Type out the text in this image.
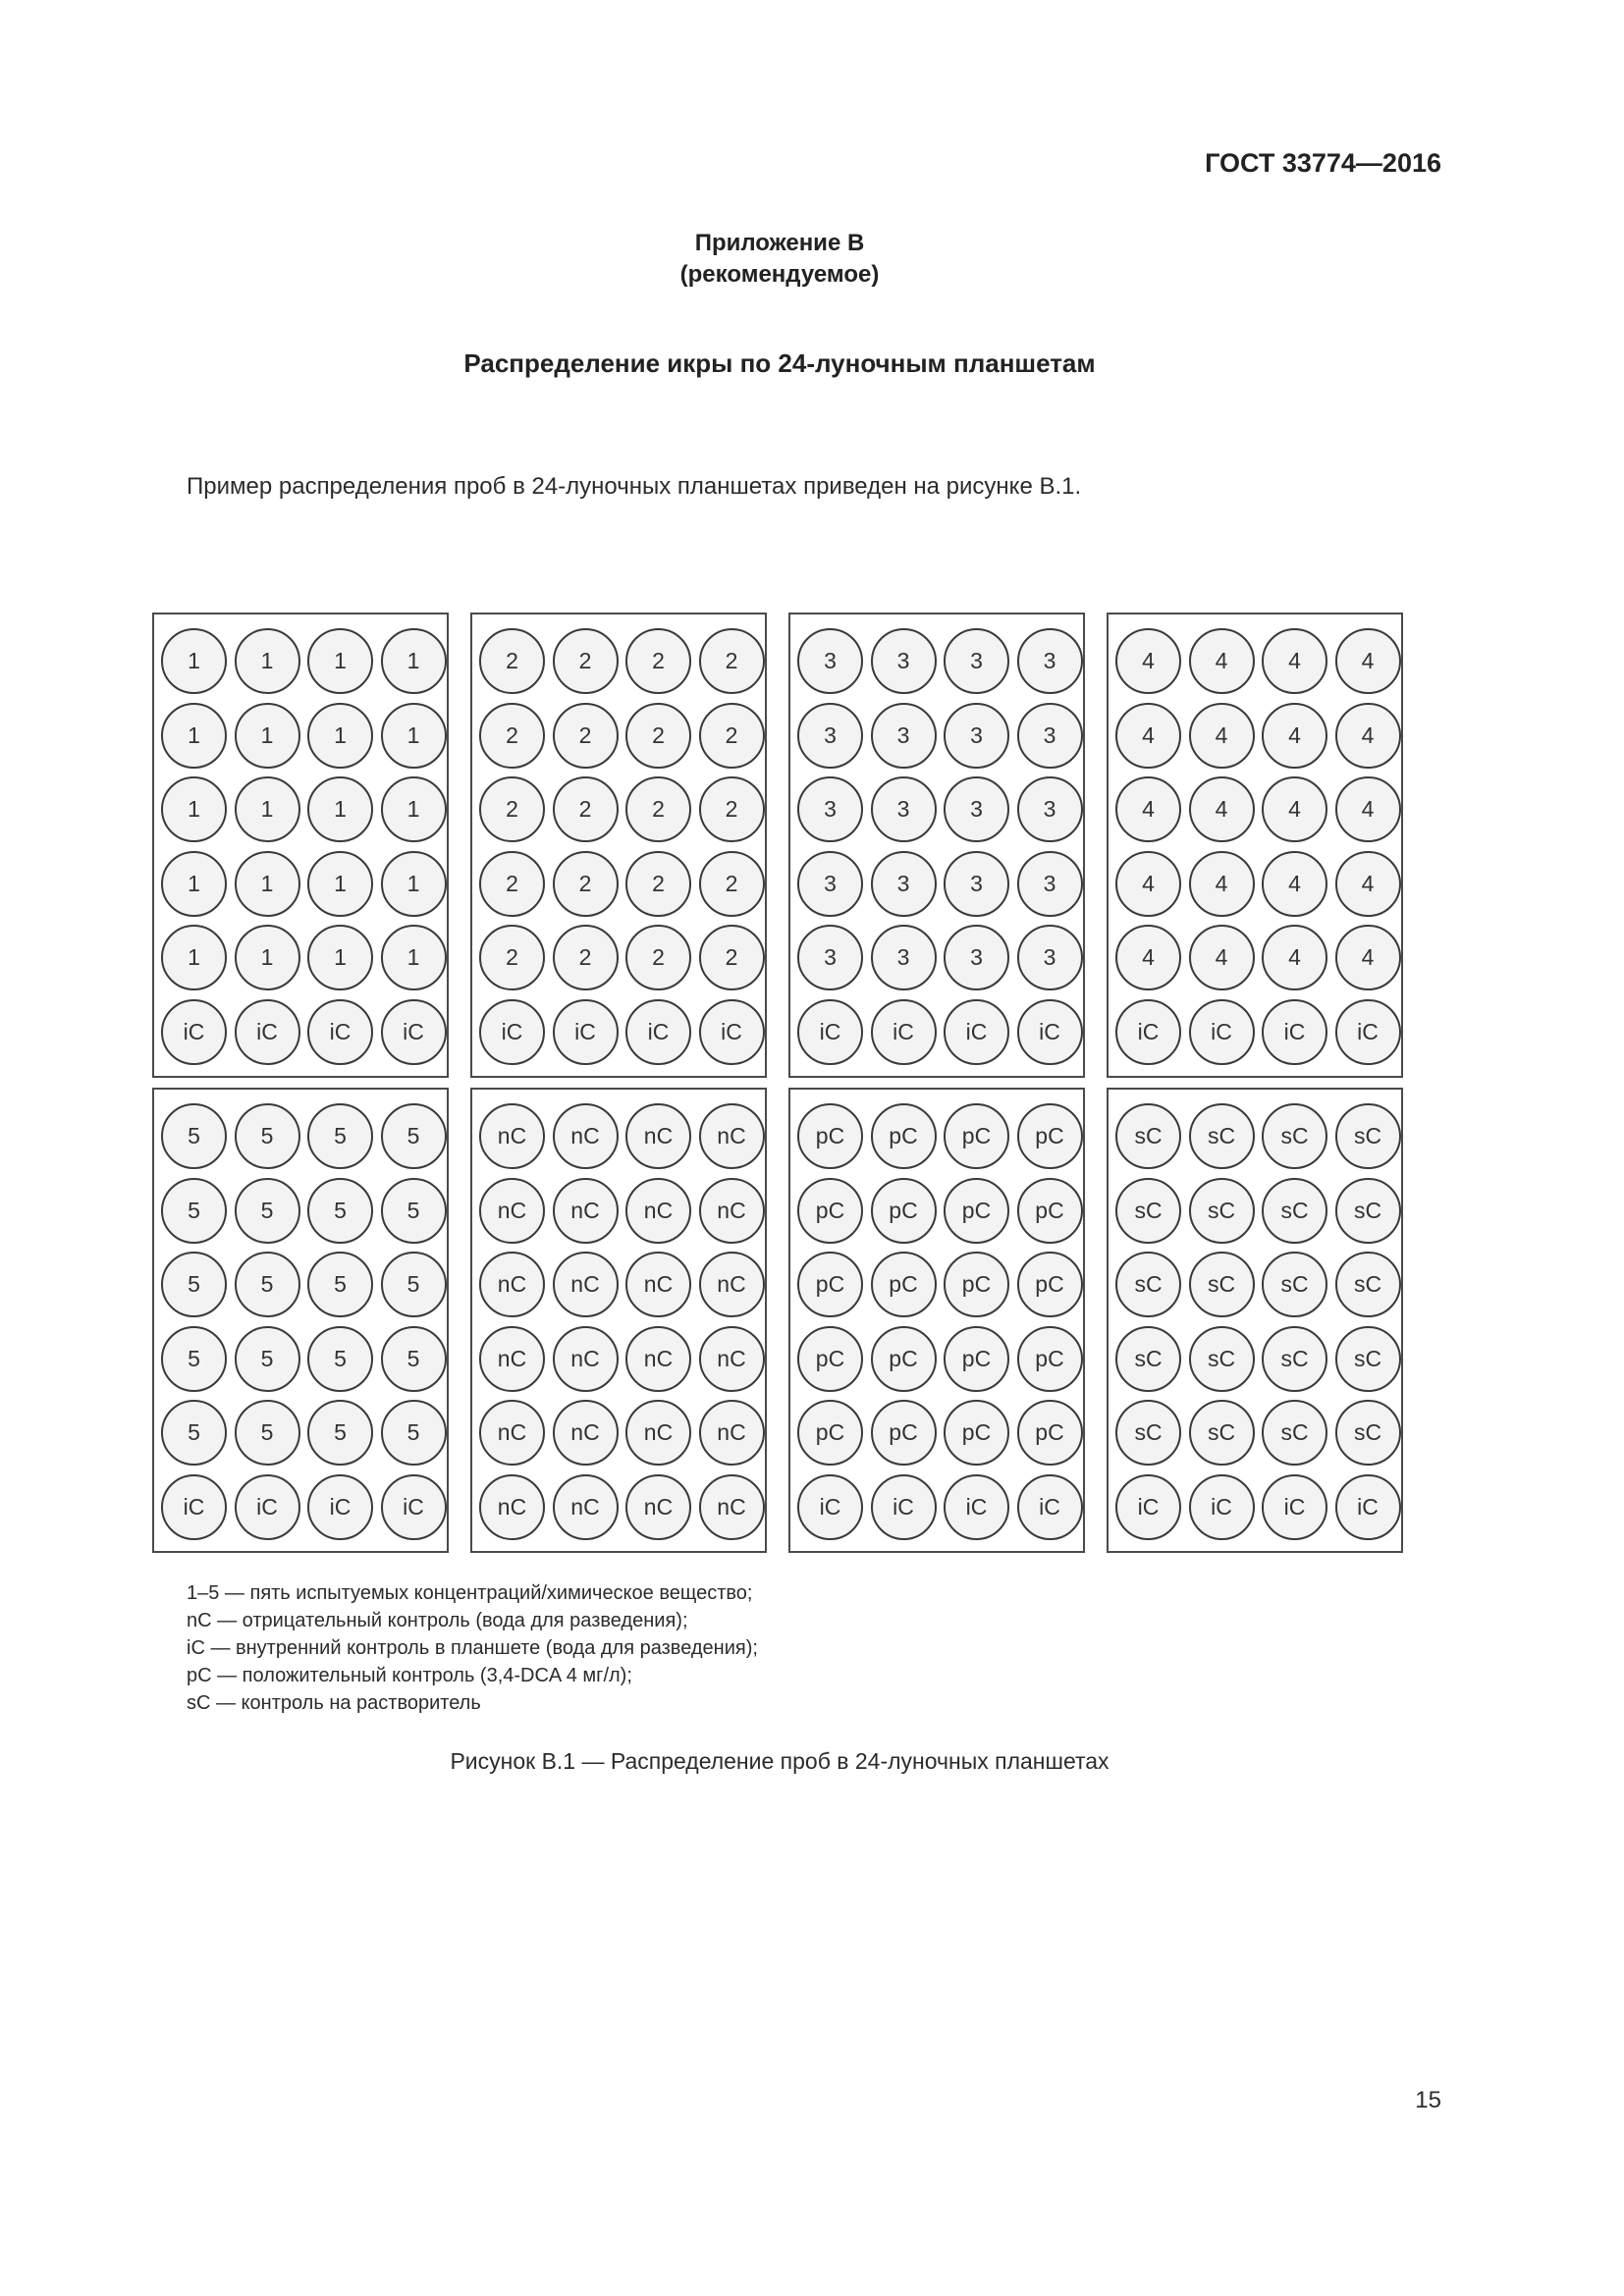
ГОСТ 33774—2016
Приложение В
(рекомендуемое)
Распределение икры по 24-луночным планшетам
Пример распределения проб в 24-луночных планшетах приведен на рисунке В.1.
1	1	1	1
1	1	1	1
1	1	1	1
1	1	1	1
1	1	1	1
iC	iC	iC	iC
2	2	2	2
2	2	2	2
2	2	2	2
2	2	2	2
2	2	2	2
iC	iC	iC	iC
3	3	3	3
3	3	3	3
3	3	3	3
3	3	3	3
3	3	3	3
iC	iC	iC	iC
4	4	4	4
4	4	4	4
4	4	4	4
4	4	4	4
4	4	4	4
iC	iC	iC	iC
5	5	5	5
5	5	5	5
5	5	5	5
5	5	5	5
5	5	5	5
iC	iC	iC	iC
nC	nC	nC	nC
nC	nC	nC	nC
nC	nC	nC	nC
nC	nC	nC	nC
nC	nC	nC	nC
nC	nC	nC	nC
pC	pC	pC	pC
pC	pC	pC	pC
pC	pC	pC	pC
pC	pC	pC	pC
pC	pC	pC	pC
iC	iC	iC	iC
sC	sC	sC	sC
sC	sC	sC	sC
sC	sC	sC	sC
sC	sC	sC	sC
sC	sC	sC	sC
iC	iC	iC	iC
1–5 — пять испытуемых концентраций/химическое вещество;
nC — отрицательный контроль (вода для разведения);
iC — внутренний контроль в планшете (вода для разведения);
pC — положительный контроль (3,4-DCA 4 мг/л);
sC — контроль на растворитель
Рисунок В.1 — Распределение проб в 24-луночных планшетах
15
